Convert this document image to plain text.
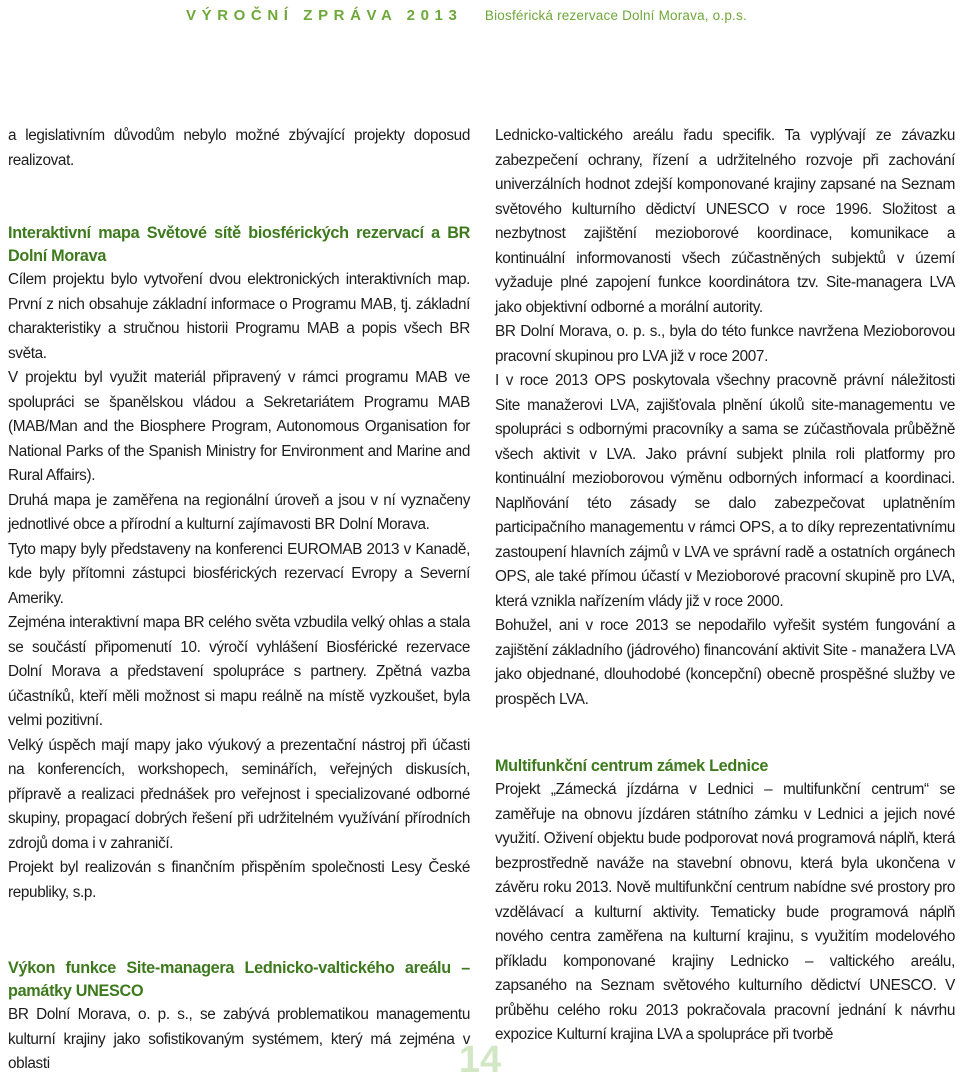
VÝROČNÍ ZPRÁVA 2013 Biosférická rezervace Dolní Morava, o.p.s.

a legislativním důvodům nebylo možné zbývající projekty doposud realizovat.

Interaktivní mapa Světové sítě biosférických rezervací a BR Dolní Morava

Cílem projektu bylo vytvoření dvou elektronických interaktivních map. První z nich obsahuje základní informace o Programu MAB, tj. základní charakteristiky a stručnou historii Programu MAB a popis všech BR světa.

V projektu byl využit materiál připravený v rámci programu MAB ve spolupráci se španělskou vládou a Sekretariátem Programu MAB (MAB/Man and the Biosphere Program, Autonomous Organisation for National Parks of the Spanish Ministry for Environment and Marine and Rural Affairs).

Druhá mapa je zaměřena na regionální úroveň a jsou v ní vyznačeny jednotlivé obce a přírodní a kulturní zajímavosti BR Dolní Morava.

Tyto mapy byly představeny na konferenci EUROMAB 2013 v Kanadě, kde byly přítomni zástupci biosférických rezervací Evropy a Severní Ameriky.

Zejména interaktivní mapa BR celého světa vzbudila velký ohlas a stala se součástí připomenutí 10. výročí vyhlášení Biosférické rezervace Dolní Morava a představení spolupráce s partnery. Zpětná vazba účastníků, kteří měli možnost si mapu reálně na místě vyzkoušet, byla velmi pozitivní.

Velký úspěch mají mapy jako výukový a prezentační nástroj při účasti na konferencích, workshopech, seminářích, veřejných diskusích, přípravě a realizaci přednášek pro veřejnost i specializované odborné skupiny, propagací dobrých řešení při udržitelném využívání přírodních zdrojů doma i v zahraničí.

Projekt byl realizován s finančním přispěním společnosti Lesy České republiky, s.p.

Výkon funkce Site-managera Lednicko-valtického areálu – památky UNESCO

BR Dolní Morava, o. p. s., se zabývá problematikou managementu kulturní krajiny jako sofistikovaným systémem, který má zejména v oblasti

Lednicko-valtického areálu řadu specifik. Ta vyplývají ze závazku zabezpečení ochrany, řízení a udržitelného rozvoje při zachování univerzálních hodnot zdejší komponované krajiny zapsané na Seznam světového kulturního dědictví UNESCO v roce 1996. Složitost a nezbytnost zajištění mezioborové koordinace, komunikace a kontinuální informovanosti všech zúčastněných subjektů v území vyžaduje plné zapojení funkce koordinátora tzv. Site-managera LVA jako objektivní odborné a morální autority.

BR Dolní Morava, o. p. s., byla do této funkce navržena Mezioborovou pracovní skupinou pro LVA již v roce 2007.

I v roce 2013 OPS poskytovala všechny pracovně právní náležitosti Site manažerovi LVA, zajišťovala plnění úkolů site-managementu ve spolupráci s odbornými pracovníky a sama se zúčastňovala průběžně všech aktivit v LVA. Jako právní subjekt plnila roli platformy pro kontinuální mezioborovou výměnu odborných informací a koordinaci. Naplňování této zásady se dalo zabezpečovat uplatněním participačního managementu v rámci OPS, a to díky reprezentativnímu zastoupení hlavních zájmů v LVA ve správní radě a ostatních orgánech OPS, ale také přímou účastí v Mezioborové pracovní skupině pro LVA, která vznikla nařízením vlády již v roce 2000.

Bohužel, ani v roce 2013 se nepodařilo vyřešit systém fungování a zajištění základního (jádrového) financování aktivit Site - manažera LVA jako objednané, dlouhodobé (koncepční) obecně prospěšné služby ve prospěch LVA.

Multifunkční centrum zámek Lednice

Projekt „Zámecká jízdárna v Lednici – multifunkční centrum“ se zaměřuje na obnovu jízdáren státního zámku v Lednici a jejich nové využití. Oživení objektu bude podporovat nová programová náplň, která bezprostředně naváže na stavební obnovu, která byla ukončena v závěru roku 2013. Nově multifunkční centrum nabídne své prostory pro vzdělávací a kulturní aktivity. Tematicky bude programová náplň nového centra zaměřena na kulturní krajinu, s využitím modelového příkladu komponované krajiny Lednicko – valtického areálu, zapsaného na Seznam světového kulturního dědictví UNESCO. V průběhu celého roku 2013 pokračovala pracovní jednání k návrhu expozice Kulturní krajina LVA a spolupráce při tvorbě

14
